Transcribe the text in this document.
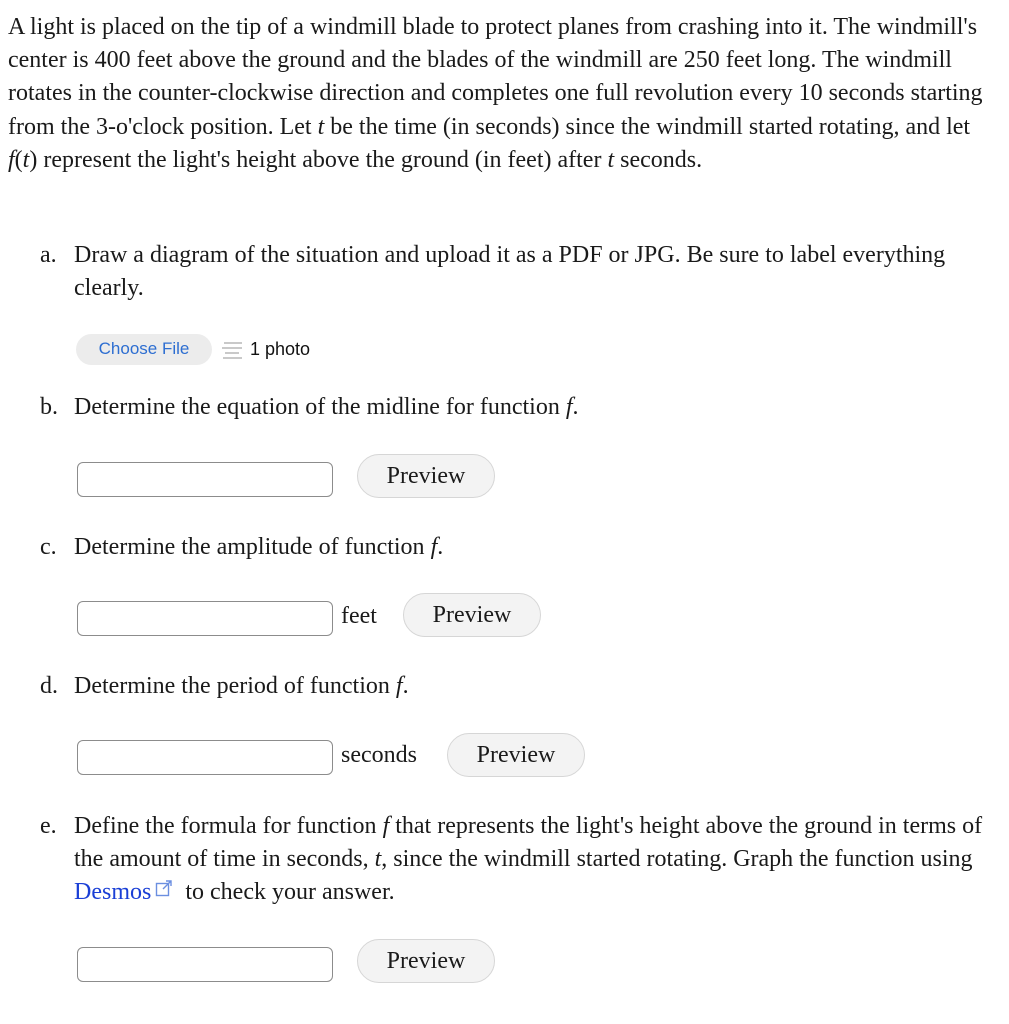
A light is placed on the tip of a windmill blade to protect planes from crashing into it. The windmill's center is 400 feet above the ground and the blades of the windmill are 250 feet long. The windmill rotates in the counter-clockwise direction and completes one full revolution every 10 seconds starting from the 3-o'clock position. Let t be the time (in seconds) since the windmill started rotating, and let f(t) represent the light's height above the ground (in feet) after t seconds.

a. Draw a diagram of the situation and upload it as a PDF or JPG. Be sure to label everything clearly.
Choose File	1 photo
b. Determine the equation of the midline for function f.
Preview
c. Determine the amplitude of function f.
feet	Preview
d. Determine the period of function f.
seconds	Preview
e. Define the formula for function f that represents the light's height above the ground in terms of the amount of time in seconds, t, since the windmill started rotating. Graph the function using Desmos to check your answer.
Preview
